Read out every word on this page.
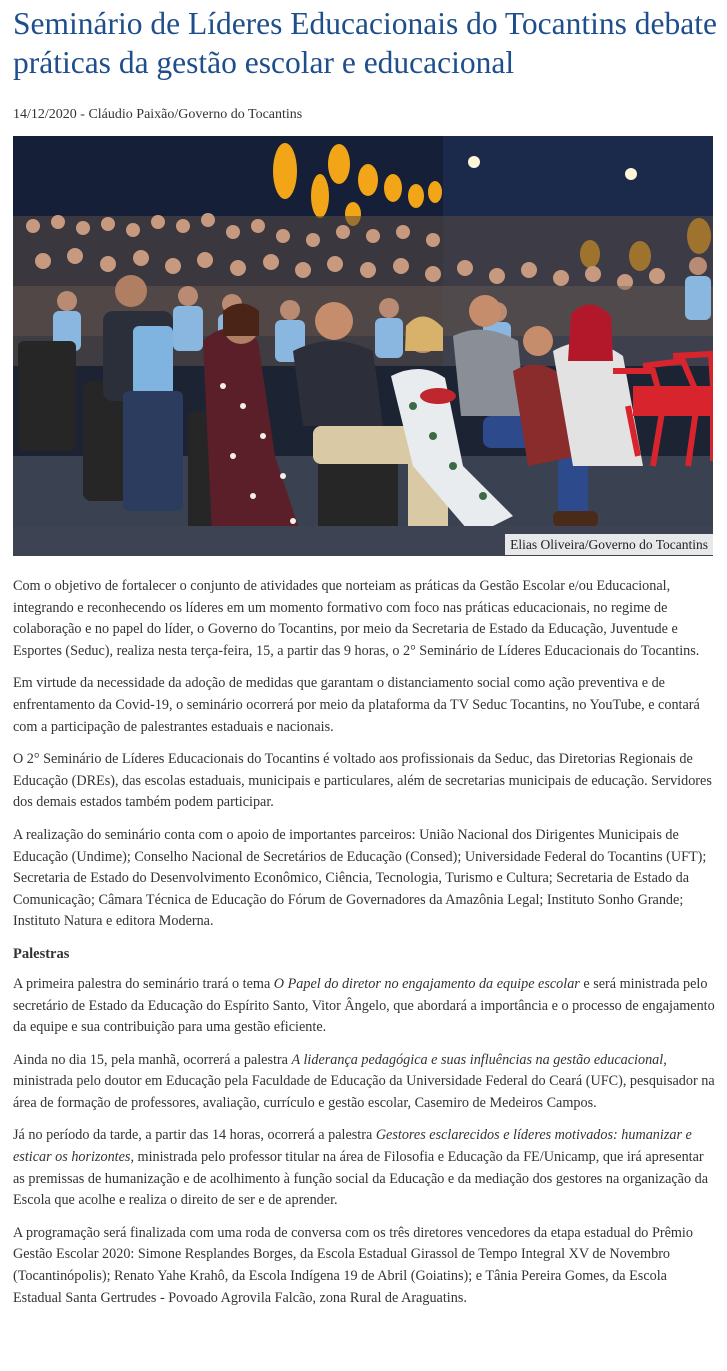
Seminário de Líderes Educacionais do Tocantins debate práticas da gestão escolar e educacional
14/12/2020 - Cláudio Paixão/Governo do Tocantins
Elias Oliveira/Governo do Tocantins

Com o objetivo de fortalecer o conjunto de atividades que norteiam as práticas da Gestão Escolar e/ou Educacional, integrando e reconhecendo os líderes em um momento formativo com foco nas práticas educacionais, no regime de colaboração e no papel do líder, o Governo do Tocantins, por meio da Secretaria de Estado da Educação, Juventude e Esportes (Seduc), realiza nesta terça-feira, 15, a partir das 9 horas, o 2° Seminário de Líderes Educacionais do Tocantins.

Em virtude da necessidade da adoção de medidas que garantam o distanciamento social como ação preventiva e de enfrentamento da Covid-19, o seminário ocorrerá por meio da plataforma da TV Seduc Tocantins, no YouTube, e contará com a participação de palestrantes estaduais e nacionais.

O 2° Seminário de Líderes Educacionais do Tocantins é voltado aos profissionais da Seduc, das Diretorias Regionais de Educação (DREs), das escolas estaduais, municipais e particulares, além de secretarias municipais de educação. Servidores dos demais estados também podem participar.

A realização do seminário conta com o apoio de importantes parceiros: União Nacional dos Dirigentes Municipais de Educação (Undime); Conselho Nacional de Secretários de Educação (Consed); Universidade Federal do Tocantins (UFT); Secretaria de Estado do Desenvolvimento Econômico, Ciência, Tecnologia, Turismo e Cultura; Secretaria de Estado da Comunicação; Câmara Técnica de Educação do Fórum de Governadores da Amazônia Legal; Instituto Sonho Grande; Instituto Natura e editora Moderna.

Palestras

A primeira palestra do seminário trará o tema O Papel do diretor no engajamento da equipe escolar e será ministrada pelo secretário de Estado da Educação do Espírito Santo, Vitor Ângelo, que abordará a importância e o processo de engajamento da equipe e sua contribuição para uma gestão eficiente.

Ainda no dia 15, pela manhã, ocorrerá a palestra A liderança pedagógica e suas influências na gestão educacional, ministrada pelo doutor em Educação pela Faculdade de Educação da Universidade Federal do Ceará (UFC), pesquisador na área de formação de professores, avaliação, currículo e gestão escolar, Casemiro de Medeiros Campos.

Já no período da tarde, a partir das 14 horas, ocorrerá a palestra Gestores esclarecidos e líderes motivados: humanizar e esticar os horizontes, ministrada pelo professor titular na área de Filosofia e Educação da FE/Unicamp, que irá apresentar as premissas de humanização e de acolhimento à função social da Educação e da mediação dos gestores na organização da Escola que acolhe e realiza o direito de ser e de aprender.

A programação será finalizada com uma roda de conversa com os três diretores vencedores da etapa estadual do Prêmio Gestão Escolar 2020: Simone Resplandes Borges, da Escola Estadual Girassol de Tempo Integral XV de Novembro (Tocantinópolis); Renato Yahe Krahô, da Escola Indígena 19 de Abril (Goiatins); e Tânia Pereira Gomes, da Escola Estadual Santa Gertrudes - Povoado Agrovila Falcão, zona Rural de Araguatins.
